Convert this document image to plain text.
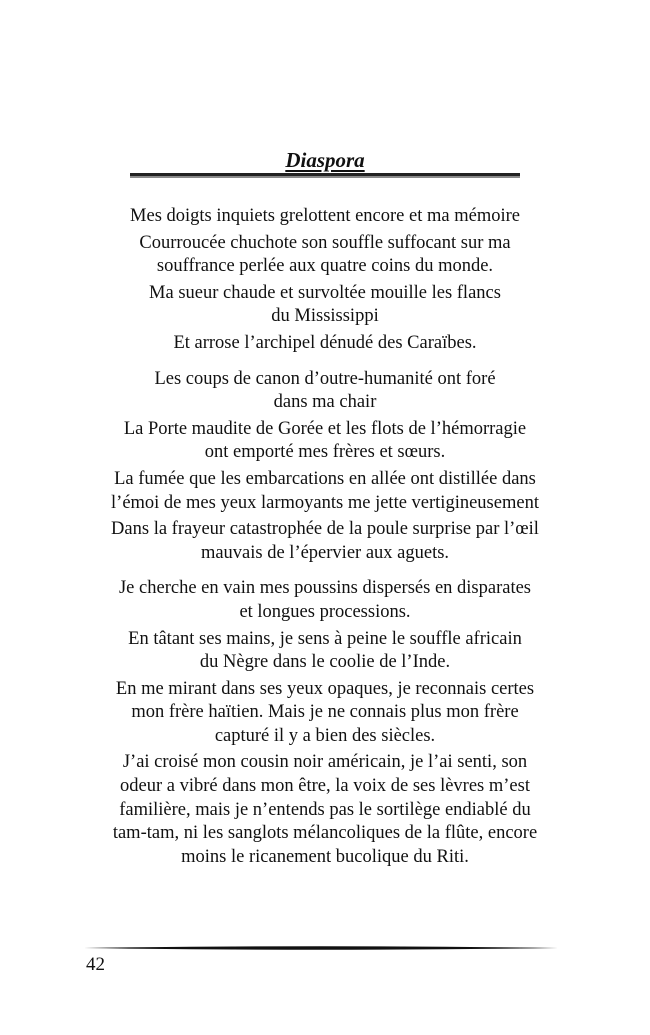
Diaspora
Mes doigts inquiets grelottent encore et ma mémoire
Courroucée chuchote son souffle suffocant sur ma
souffrance perlée aux quatre coins du monde.
Ma sueur chaude et survoltée mouille les flancs
du Mississippi
Et arrose l’archipel dénudé des Caraïbes.
Les coups de canon d’outre-humanité ont foré
dans ma chair
La Porte maudite de Gorée et les flots de l’hémorragie
ont emporté mes frères et sœurs.
La fumée que les embarcations en allée ont distillée dans
l’émoi de mes yeux larmoyants me jette vertigineusement
Dans la frayeur catastrophée de la poule surprise par l’œil
mauvais de l’épervier aux aguets.
Je cherche en vain mes poussins dispersés en disparates
et longues processions.
En tâtant ses mains, je sens à peine le souffle africain
du Nègre dans le coolie de l’Inde.
En me mirant dans ses yeux opaques, je reconnais certes
mon frère haïtien. Mais je ne connais plus mon frère
capturé il y a bien des siècles.
J’ai croisé mon cousin noir américain, je l’ai senti, son
odeur a vibré dans mon être, la voix de ses lèvres m’est
familière, mais je n’entends pas le sortilège endiablé du
tam-tam, ni les sanglots mélancoliques de la flûte, encore
moins le ricanement bucolique du Riti.
42
